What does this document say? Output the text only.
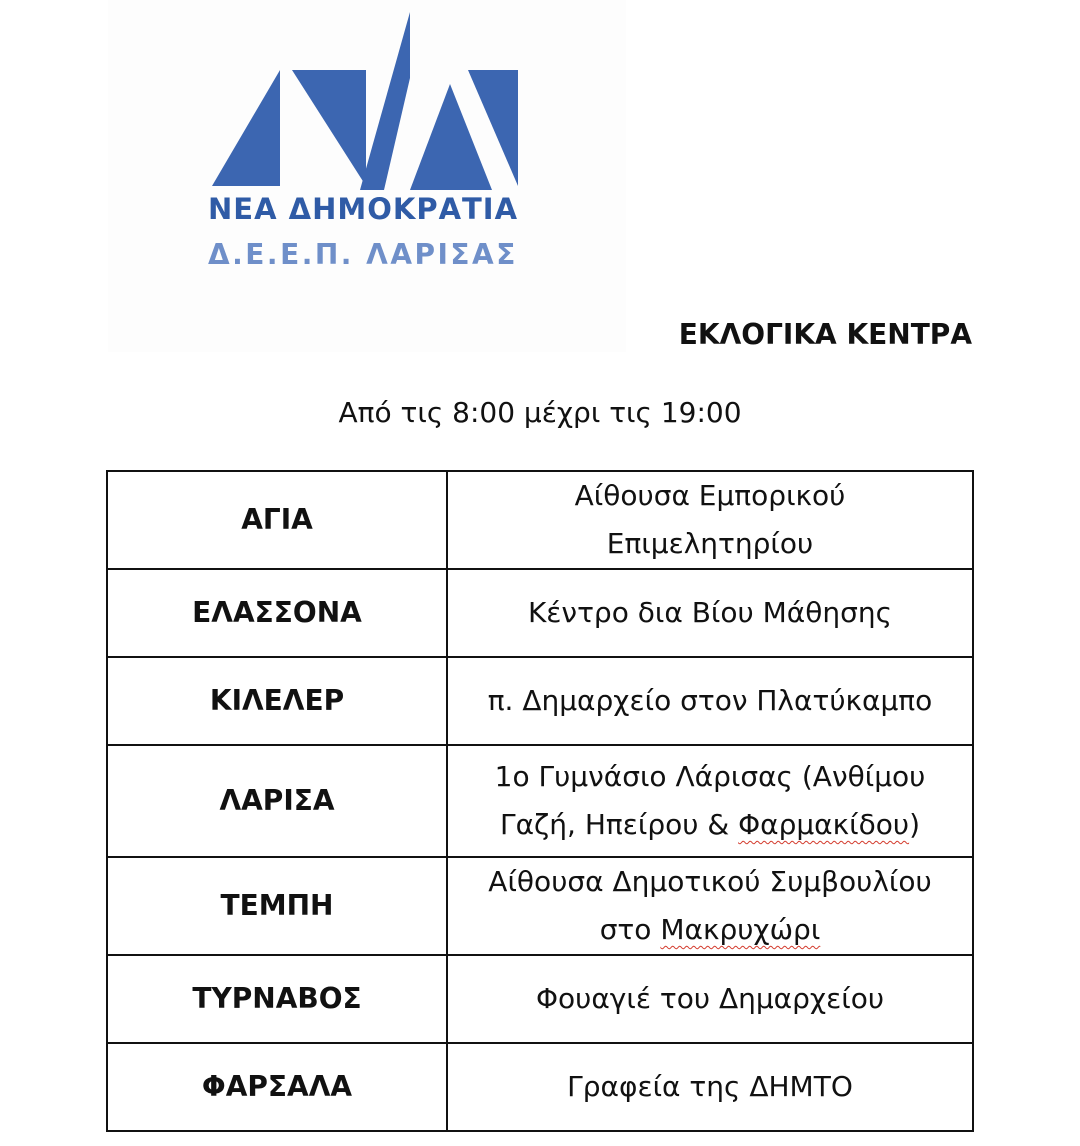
ΝΕΑ ΔΗΜΟΚΡΑΤΙΑ
Δ.Ε.Ε.Π. ΛΑΡΙΣΑΣ
ΕΚΛΟΓΙΚΑ ΚΕΝΤΡΑ
Από τις 8:00 μέχρι τις 19:00
ΑΓΙΑ	Αίθουσα Εμπορικού
Επιμελητηρίου
ΕΛΑΣΣΟΝΑ	Κέντρο δια Βίου Μάθησης
ΚΙΛΕΛΕΡ	π. Δημαρχείο στον Πλατύκαμπο
ΛΑΡΙΣΑ	1ο Γυμνάσιο Λάρισας (Ανθίμου
Γαζή, Ηπείρου & Φαρμακίδου)
ΤΕΜΠΗ	Αίθουσα Δημοτικού Συμβουλίου
στο Μακρυχώρι
ΤΥΡΝΑΒΟΣ	Φουαγιέ του Δημαρχείου
ΦΑΡΣΑΛΑ	Γραφεία της ΔΗΜΤΟ
